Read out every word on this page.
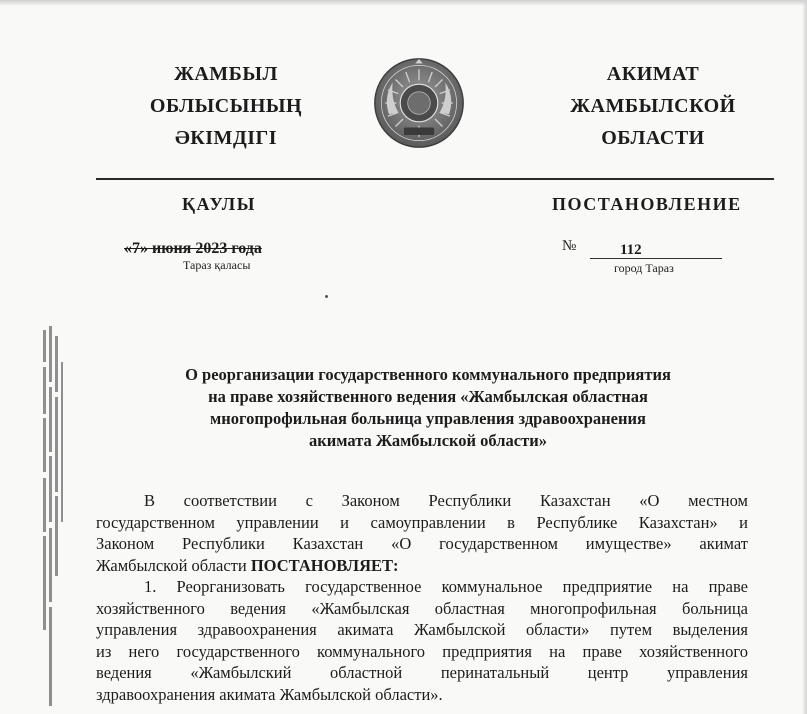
ЖАМБЫЛ
ОБЛЫСЫНЫҢ
ӘКІМДІГІ
АКИМАТ
ЖАМБЫЛСКОЙ
ОБЛАСТИ
ҚАУЛЫ	ПОСТАНОВЛЕНИЕ
«7» июня 2023 года
Тараз қаласы
№	112
город Тараз
О реорганизации государственного коммунального предприятия
на праве хозяйственного ведения «Жамбылская областная
многопрофильная больница управления здравоохранения
акимата Жамбылской области»
В соответствии с Законом Республики Казахстан «О местном
государственном управлении и самоуправлении в Республике Казахстан» и
Законом Республики Казахстан «О государственном имуществе» акимат
Жамбылской области ПОСТАНОВЛЯЕТ:
1. Реорганизовать государственное коммунальное предприятие на праве
хозяйственного ведения «Жамбылская областная многопрофильная больница
управления здравоохранения акимата Жамбылской области» путем выделения
из него государственного коммунального предприятия на праве хозяйственного
ведения «Жамбылский областной перинатальный центр управления
здравоохранения акимата Жамбылской области».
